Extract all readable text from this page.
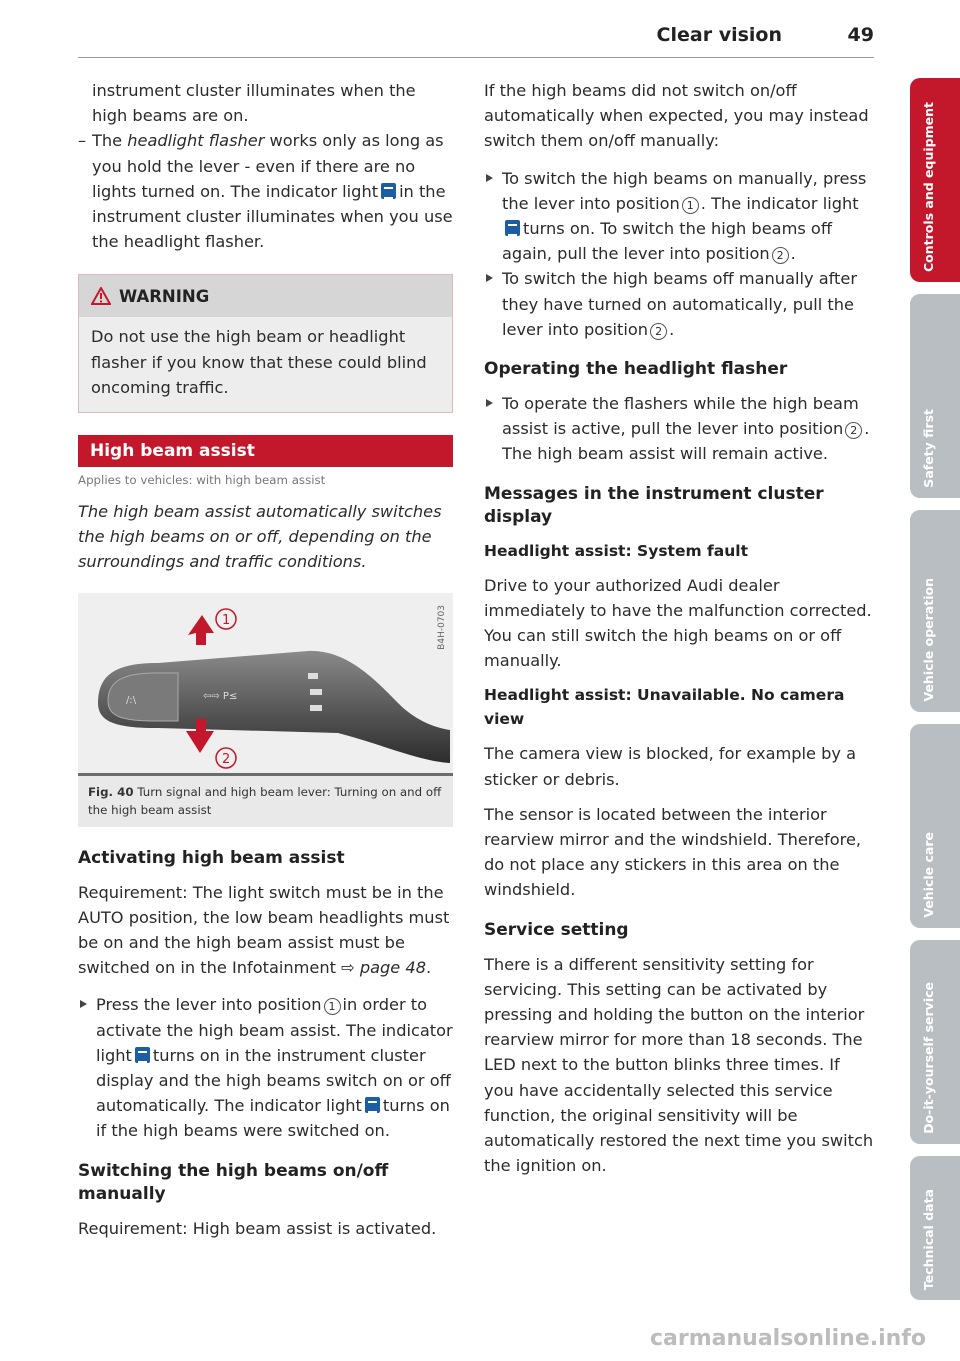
Clear vision	49

instrument cluster illuminates when the high beams are on.

– The headlight flasher works only as long as you hold the lever - even if there are no lights turned on. The indicator light in the instrument cluster illuminates when you use the headlight flasher.

WARNING

Do not use the high beam or headlight flasher if you know that these could blind oncoming traffic.

High beam assist
Applies to vehicles: with high beam assist

The high beam assist automatically switches the high beams on or off, depending on the surroundings and traffic conditions.

B4H-0703
/:\	⇦⇨ P≤
1
2
Fig. 40 Turn signal and high beam lever: Turning on and off the high beam assist
Activating high beam assist

Requirement: The light switch must be in the AUTO position, the low beam headlights must be on and the high beam assist must be switched on in the Infotainment ⇨ page 48.

Press the lever into position 1 in order to activate the high beam assist. The indicator light turns on in the instrument cluster display and the high beams switch on or off automatically. The indicator light turns on if the high beams were switched on.

Switching the high beams on/off manually

Requirement: High beam assist is activated.

If the high beams did not switch on/off automatically when expected, you may instead switch them on/off manually:

To switch the high beams on manually, press the lever into position 1 . The indicator lightturns on. To switch the high beams off again, pull the lever into position 2 .

To switch the high beams off manually after they have turned on automatically, pull the lever into position 2 .

Operating the headlight flasher

To operate the flashers while the high beam assist is active, pull the lever into position 2 . The high beam assist will remain active.

Messages in the instrument cluster display
Headlight assist: System fault

Drive to your authorized Audi dealer immediately to have the malfunction corrected. You can still switch the high beams on or off manually.

Headlight assist: Unavailable. No camera view

The camera view is blocked, for example by a sticker or debris.

The sensor is located between the interior rearview mirror and the windshield. Therefore, do not place any stickers in this area on the windshield.

Service setting

There is a different sensitivity setting for servicing. This setting can be activated by pressing and holding the button on the interior rearview mirror for more than 18 seconds. The LED next to the button blinks three times. If you have accidentally selected this service function, the original sensitivity will be automatically restored the next time you switch the ignition on.

Controls and equipment
Safety first
Vehicle operation
Vehicle care
Do-it-yourself service
Technical data
carmanualsonline.info
